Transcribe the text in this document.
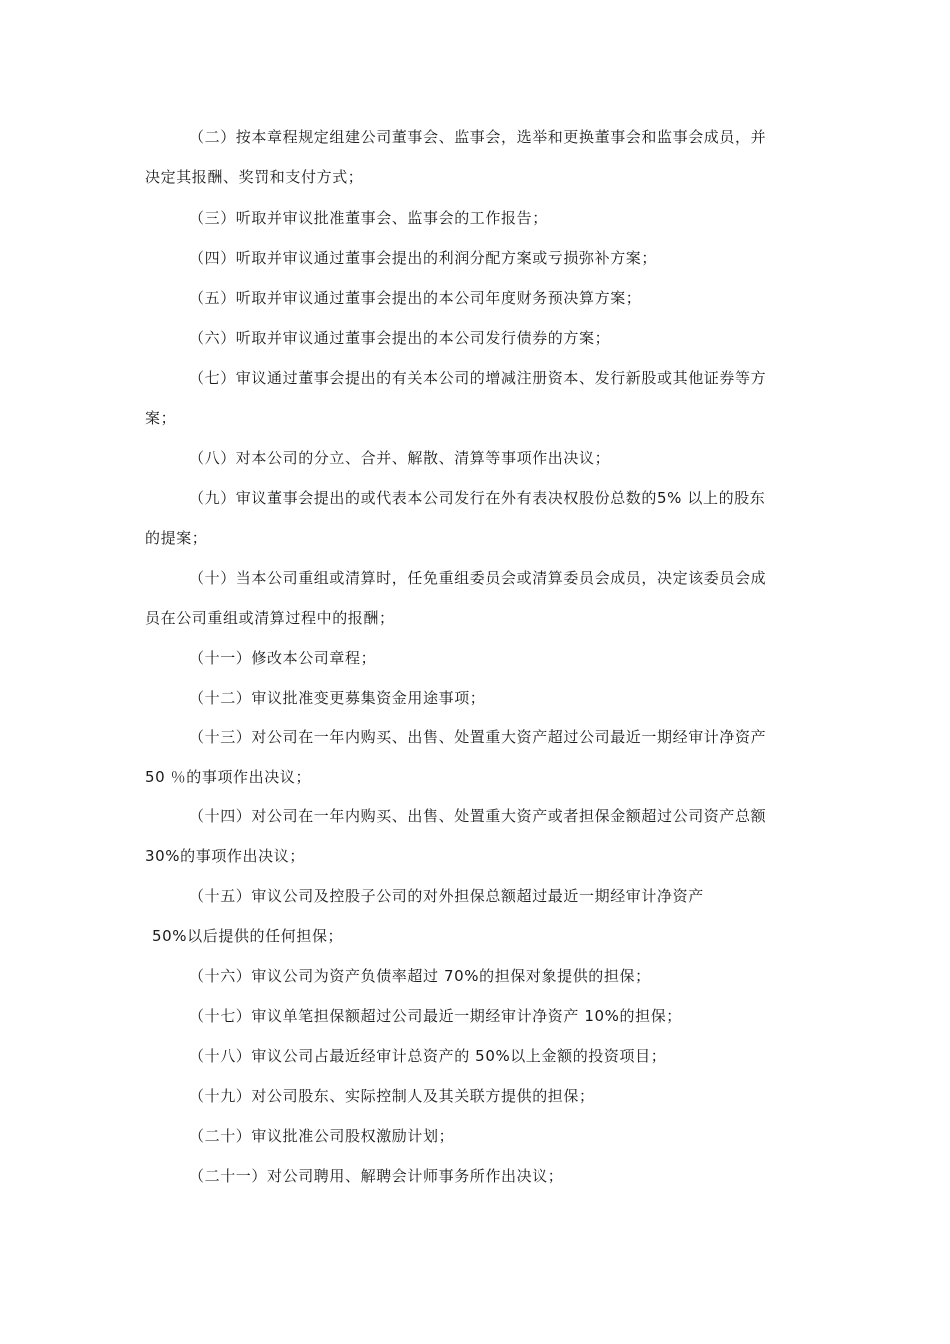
（二）按本章程规定组建公司董事会、监事会，选举和更换董事会和监事会成员，并
决定其报酬、奖罚和支付方式；
（三）听取并审议批准董事会、监事会的工作报告；
（四）听取并审议通过董事会提出的利润分配方案或亏损弥补方案；
（五）听取并审议通过董事会提出的本公司年度财务预决算方案；
（六）听取并审议通过董事会提出的本公司发行债券的方案；
（七）审议通过董事会提出的有关本公司的增减注册资本、发行新股或其他证券等方
案；
（八）对本公司的分立、合并、解散、清算等事项作出决议；
（九）审议董事会提出的或代表本公司发行在外有表决权股份总数的5% 以上的股东
的提案；
（十）当本公司重组或清算时，任免重组委员会或清算委员会成员，决定该委员会成
员在公司重组或清算过程中的报酬；
（十一）修改本公司章程；
（十二）审议批准变更募集资金用途事项；
（十三）对公司在一年内购买、出售、处置重大资产超过公司最近一期经审计净资产
50 ％的事项作出决议；
（十四）对公司在一年内购买、出售、处置重大资产或者担保金额超过公司资产总额
30%的事项作出决议；
（十五）审议公司及控股子公司的对外担保总额超过最近一期经审计净资产
50%以后提供的任何担保；
（十六）审议公司为资产负债率超过 70%的担保对象提供的担保；
（十七）审议单笔担保额超过公司最近一期经审计净资产 10%的担保；
（十八）审议公司占最近经审计总资产的 50%以上金额的投资项目；
（十九）对公司股东、实际控制人及其关联方提供的担保；
（二十）审议批准公司股权激励计划；
（二十一）对公司聘用、解聘会计师事务所作出决议；
